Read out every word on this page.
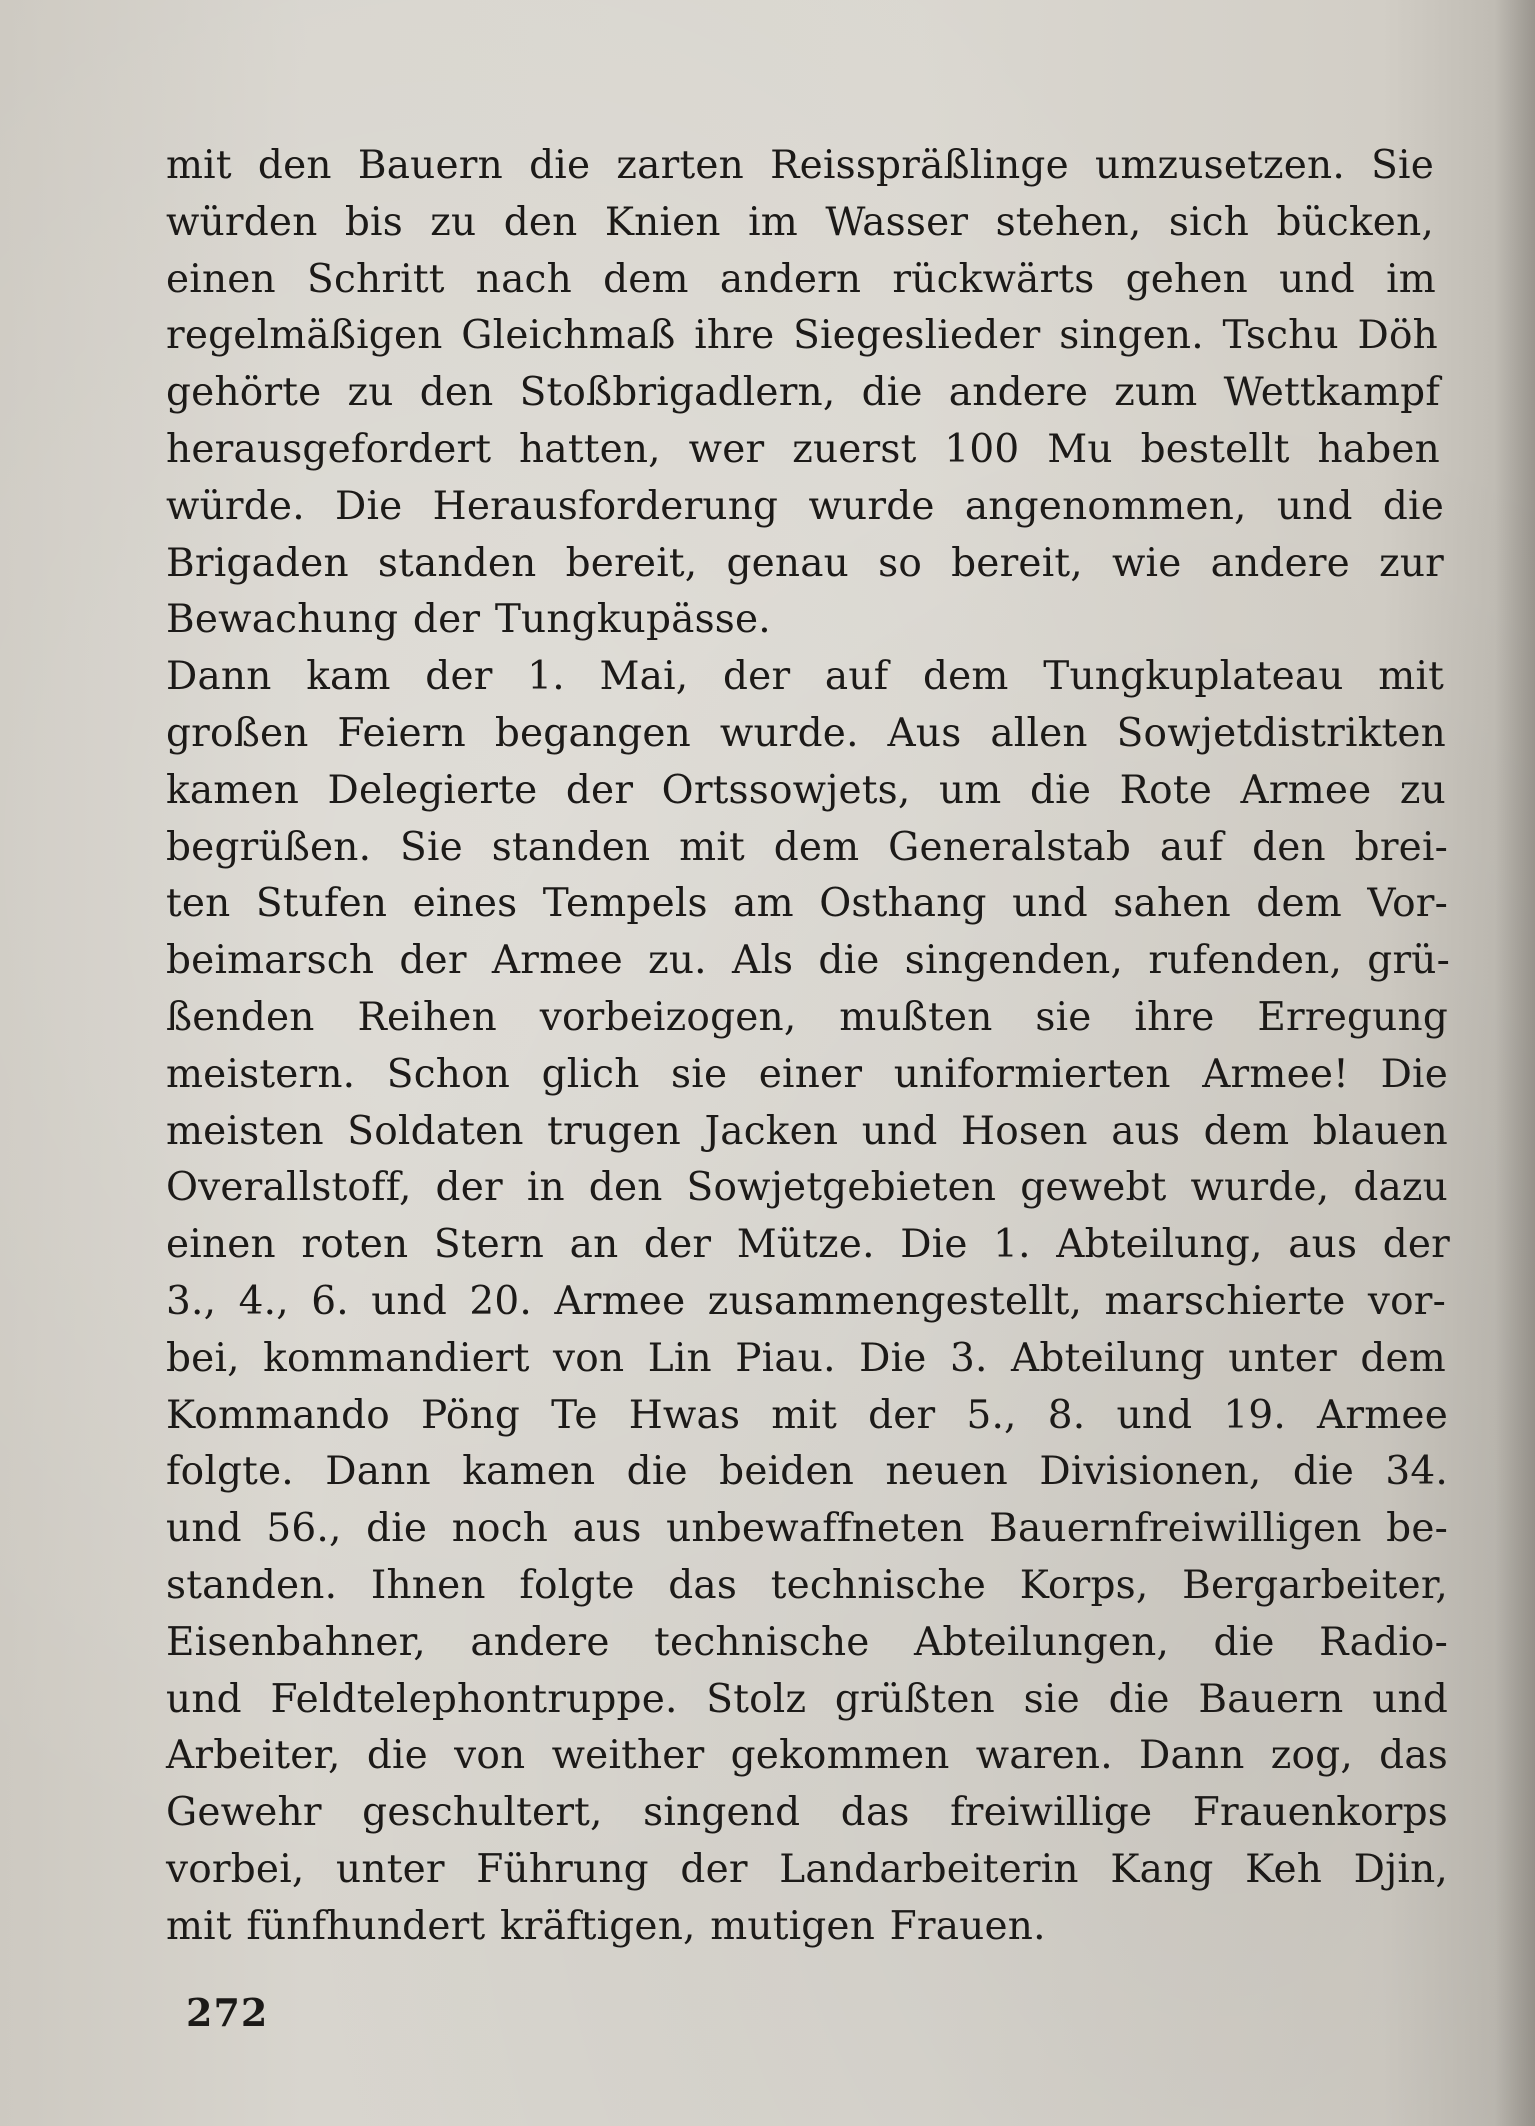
mit den Bauern die zarten Reisspräßlinge umzusetzen. Sie
würden bis zu den Knien im Wasser stehen, sich bücken,
einen Schritt nach dem andern rückwärts gehen und im
regelmäßigen Gleichmaß ihre Siegeslieder singen. Tschu Döh
gehörte zu den Stoßbrigadlern, die andere zum Wettkampf
herausgefordert hatten, wer zuerst 100 Mu bestellt haben
würde. Die Herausforderung wurde angenommen, und die
Brigaden standen bereit, genau so bereit, wie andere zur
Bewachung der Tungkupässe.
Dann kam der 1. Mai, der auf dem Tungkuplateau mit
großen Feiern begangen wurde. Aus allen Sowjetdistrikten
kamen Delegierte der Ortssowjets, um die Rote Armee zu
begrüßen. Sie standen mit dem Generalstab auf den brei-
ten Stufen eines Tempels am Osthang und sahen dem Vor-
beimarsch der Armee zu. Als die singenden, rufenden, grü-
ßenden Reihen vorbeizogen, mußten sie ihre Erregung
meistern. Schon glich sie einer uniformierten Armee! Die
meisten Soldaten trugen Jacken und Hosen aus dem blauen
Overallstoff, der in den Sowjetgebieten gewebt wurde, dazu
einen roten Stern an der Mütze. Die 1. Abteilung, aus der
3., 4., 6. und 20. Armee zusammengestellt, marschierte vor-
bei, kommandiert von Lin Piau. Die 3. Abteilung unter dem
Kommando Pöng Te Hwas mit der 5., 8. und 19. Armee
folgte. Dann kamen die beiden neuen Divisionen, die 34.
und 56., die noch aus unbewaffneten Bauernfreiwilligen be-
standen. Ihnen folgte das technische Korps, Bergarbeiter,
Eisenbahner, andere technische Abteilungen, die Radio-
und Feldtelephontruppe. Stolz grüßten sie die Bauern und
Arbeiter, die von weither gekommen waren. Dann zog, das
Gewehr geschultert, singend das freiwillige Frauenkorps
vorbei, unter Führung der Landarbeiterin Kang Keh Djin,
mit fünfhundert kräftigen, mutigen Frauen.
272
